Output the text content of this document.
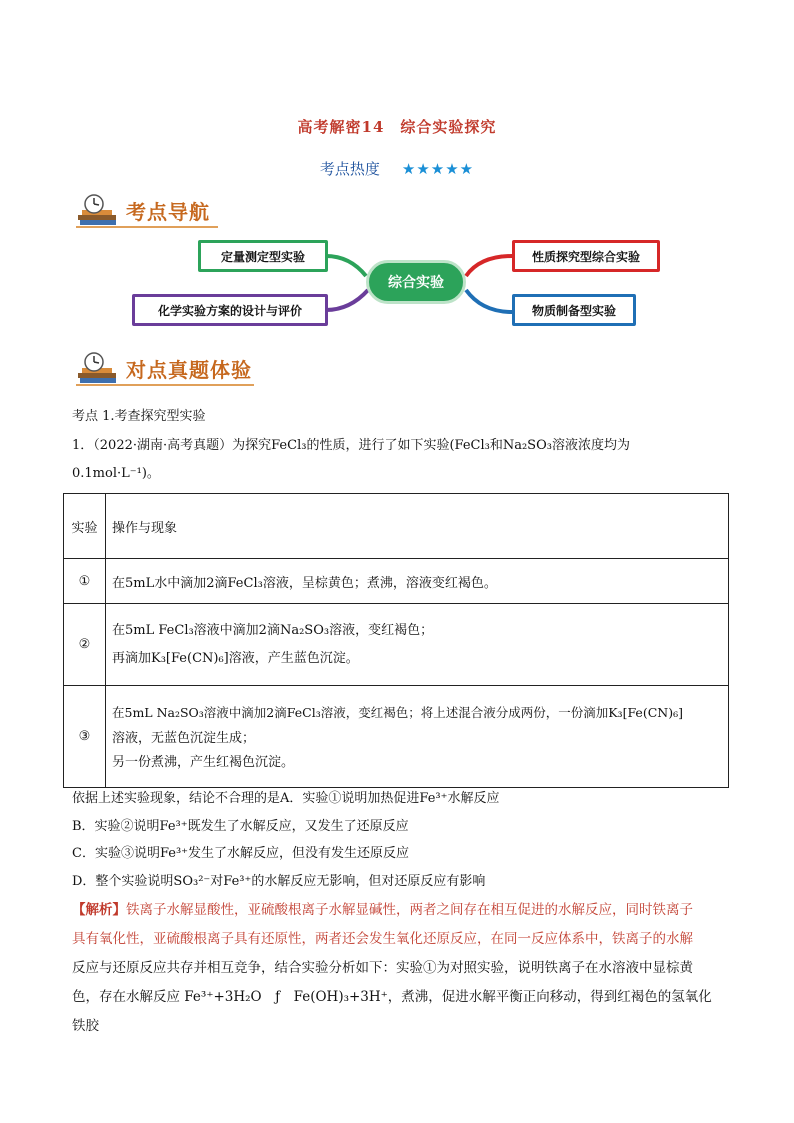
高考解密14　综合实验探究
考点热度 ★★★★★
考点导航
定量测定型实验
化学实验方案的设计与评价
综合实验
性质探究型综合实验
物质制备型实验
对点真题体验
考点 1.考查探究型实验
1．（2022·湖南·高考真题）为探究FeCl₃的性质，进行了如下实验(FeCl₃和Na₂SO₃溶液浓度均为
0.1mol·L⁻¹)。
实验	操作与现象
①	在5mL水中滴加2滴FeCl₃溶液，呈棕黄色；煮沸，溶液变红褐色。
②	在5mL FeCl₃溶液中滴加2滴Na₂SO₃溶液，变红褐色；
再滴加K₃[Fe(CN)₆]溶液，产生蓝色沉淀。

③	在5mL Na₂SO₃溶液中滴加2滴FeCl₃溶液，变红褐色；将上述混合液分成两份，一份滴加K₃[Fe(CN)₆]
溶液，无蓝色沉淀生成；
另一份煮沸，产生红褐色沉淀。
依据上述实验现象，结论不合理的是A．实验①说明加热促进Fe³⁺水解反应
B．实验②说明Fe³⁺既发生了水解反应，又发生了还原反应
C．实验③说明Fe³⁺发生了水解反应，但没有发生还原反应
D．整个实验说明SO₃²⁻对Fe³⁺的水解反应无影响，但对还原反应有影响
【解析】铁离子水解显酸性，亚硫酸根离子水解显碱性，两者之间存在相互促进的水解反应，同时铁离子
具有氧化性，亚硫酸根离子具有还原性，两者还会发生氧化还原反应，在同一反应体系中，铁离子的水解
反应与还原反应共存并相互竞争，结合实验分析如下：实验①为对照实验，说明铁离子在水溶液中显棕黄
色，存在水解反应 Fe³⁺+3H₂O　ƒ　Fe(OH)₃+3H⁺，煮沸，促进水解平衡正向移动，得到红褐色的氢氧化铁胶
